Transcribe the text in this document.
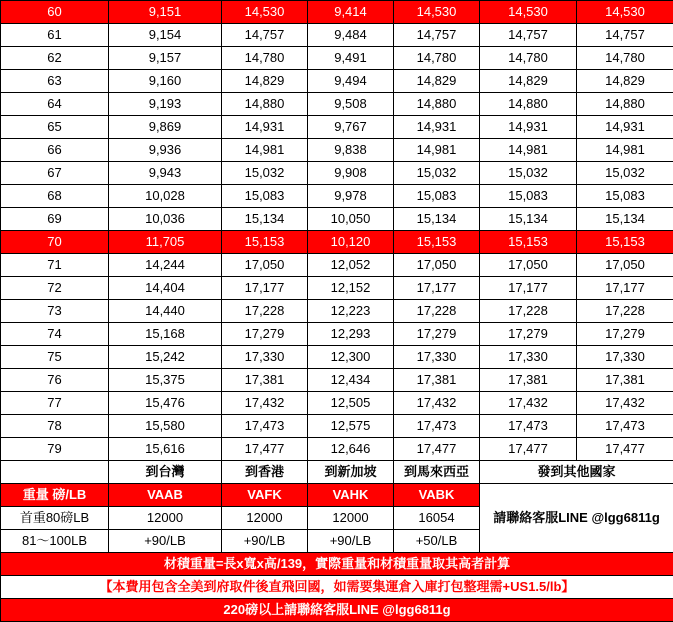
60	9,151	14,530	9,414	14,530	14,530	14,530
61	9,154	14,757	9,484	14,757	14,757	14,757
62	9,157	14,780	9,491	14,780	14,780	14,780
63	9,160	14,829	9,494	14,829	14,829	14,829
64	9,193	14,880	9,508	14,880	14,880	14,880
65	9,869	14,931	9,767	14,931	14,931	14,931
66	9,936	14,981	9,838	14,981	14,981	14,981
67	9,943	15,032	9,908	15,032	15,032	15,032
68	10,028	15,083	9,978	15,083	15,083	15,083
69	10,036	15,134	10,050	15,134	15,134	15,134
70	11,705	15,153	10,120	15,153	15,153	15,153
71	14,244	17,050	12,052	17,050	17,050	17,050
72	14,404	17,177	12,152	17,177	17,177	17,177
73	14,440	17,228	12,223	17,228	17,228	17,228
74	15,168	17,279	12,293	17,279	17,279	17,279
75	15,242	17,330	12,300	17,330	17,330	17,330
76	15,375	17,381	12,434	17,381	17,381	17,381
77	15,476	17,432	12,505	17,432	17,432	17,432
78	15,580	17,473	12,575	17,473	17,473	17,473
79	15,616	17,477	12,646	17,477	17,477	17,477
	到台灣	到香港	到新加坡	到馬來西亞	發到其他國家	
重量 磅/LB	VAAB	VAFK	VAHK	VABK	請聯絡客服LINE @lgg6811g	
首重80磅LB	12000	12000	12000	16054		
81～100LB	+90/LB	+90/LB	+90/LB	+50/LB		
材積重量=長x寬x高/139，實際重量和材積重量取其高者計算						
【本費用包含全美到府取件後直飛回國，如需要集運倉入庫打包整理需+US1.5/lb】						
220磅以上請聯絡客服LINE @lgg6811g						
